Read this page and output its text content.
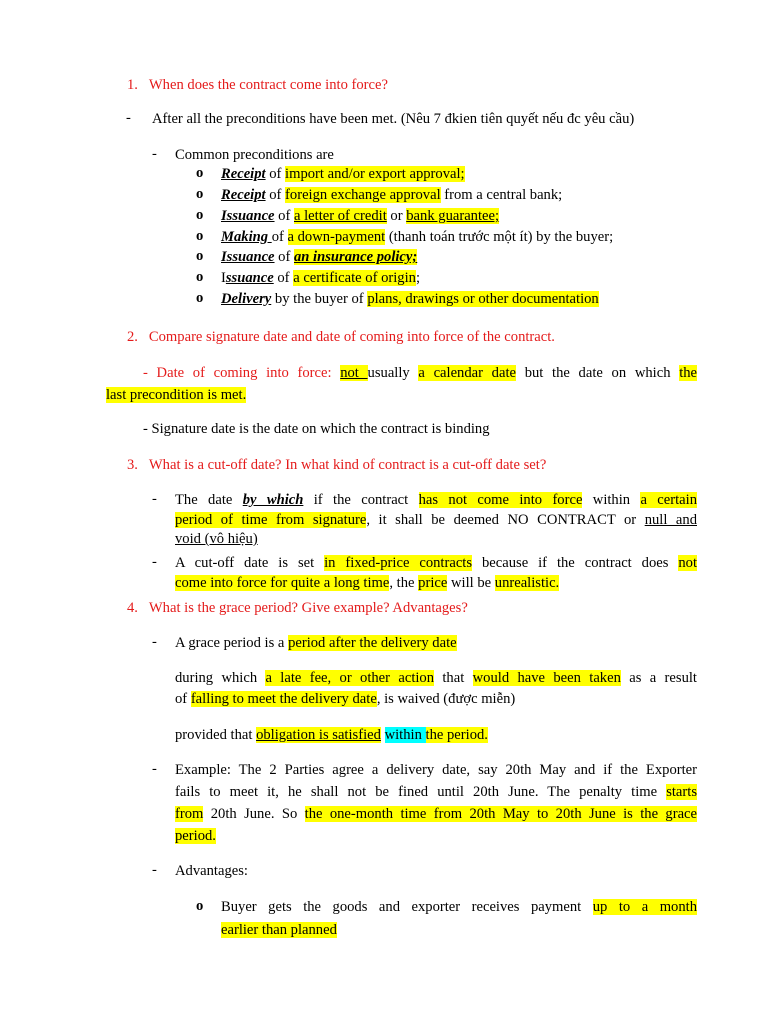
1. When does the contract come into force?
- After all the preconditions have been met. (Nêu 7 đkien tiên quyết nếu đc yêu cầu)
- Common preconditions are
o Receipt of import and/or export approval;
o Receipt of foreign exchange approval from a central bank;
o Issuance of a letter of credit or bank guarantee;
o Making of a down-payment (thanh toán trước một ít) by the buyer;
o Issuance of an insurance policy;
o Issuance of a certificate of origin;
o Delivery by the buyer of plans, drawings or other documentation
2. Compare signature date and date of coming into force of the contract.
- Date of coming into force: not usually a calendar date but the date on which the
last precondition is met.
- Signature date is the date on which the contract is binding
3. What is a cut-off date? In what kind of contract is a cut-off date set?
- The date by which if the contract has not come into force within a certain
period of time from signature, it shall be deemed NO CONTRACT or null and
void (vô hiệu)
- A cut-off date is set in fixed-price contracts because if the contract does not
come into force for quite a long time, the price will be unrealistic.
4. What is the grace period? Give example? Advantages?
- A grace period is a period after the delivery date
during which a late fee, or other action that would have been taken as a result
of falling to meet the delivery date, is waived (được miễn)
provided that obligation is satisfied within the period.
- Example: The 2 Parties agree a delivery date, say 20th May and if the Exporter
fails to meet it, he shall not be fined until 20th June. The penalty time starts
from 20th June. So the one-month time from 20th May to 20th June is the grace
period.
- Advantages:
o Buyer gets the goods and exporter receives payment up to a month
earlier than planned
